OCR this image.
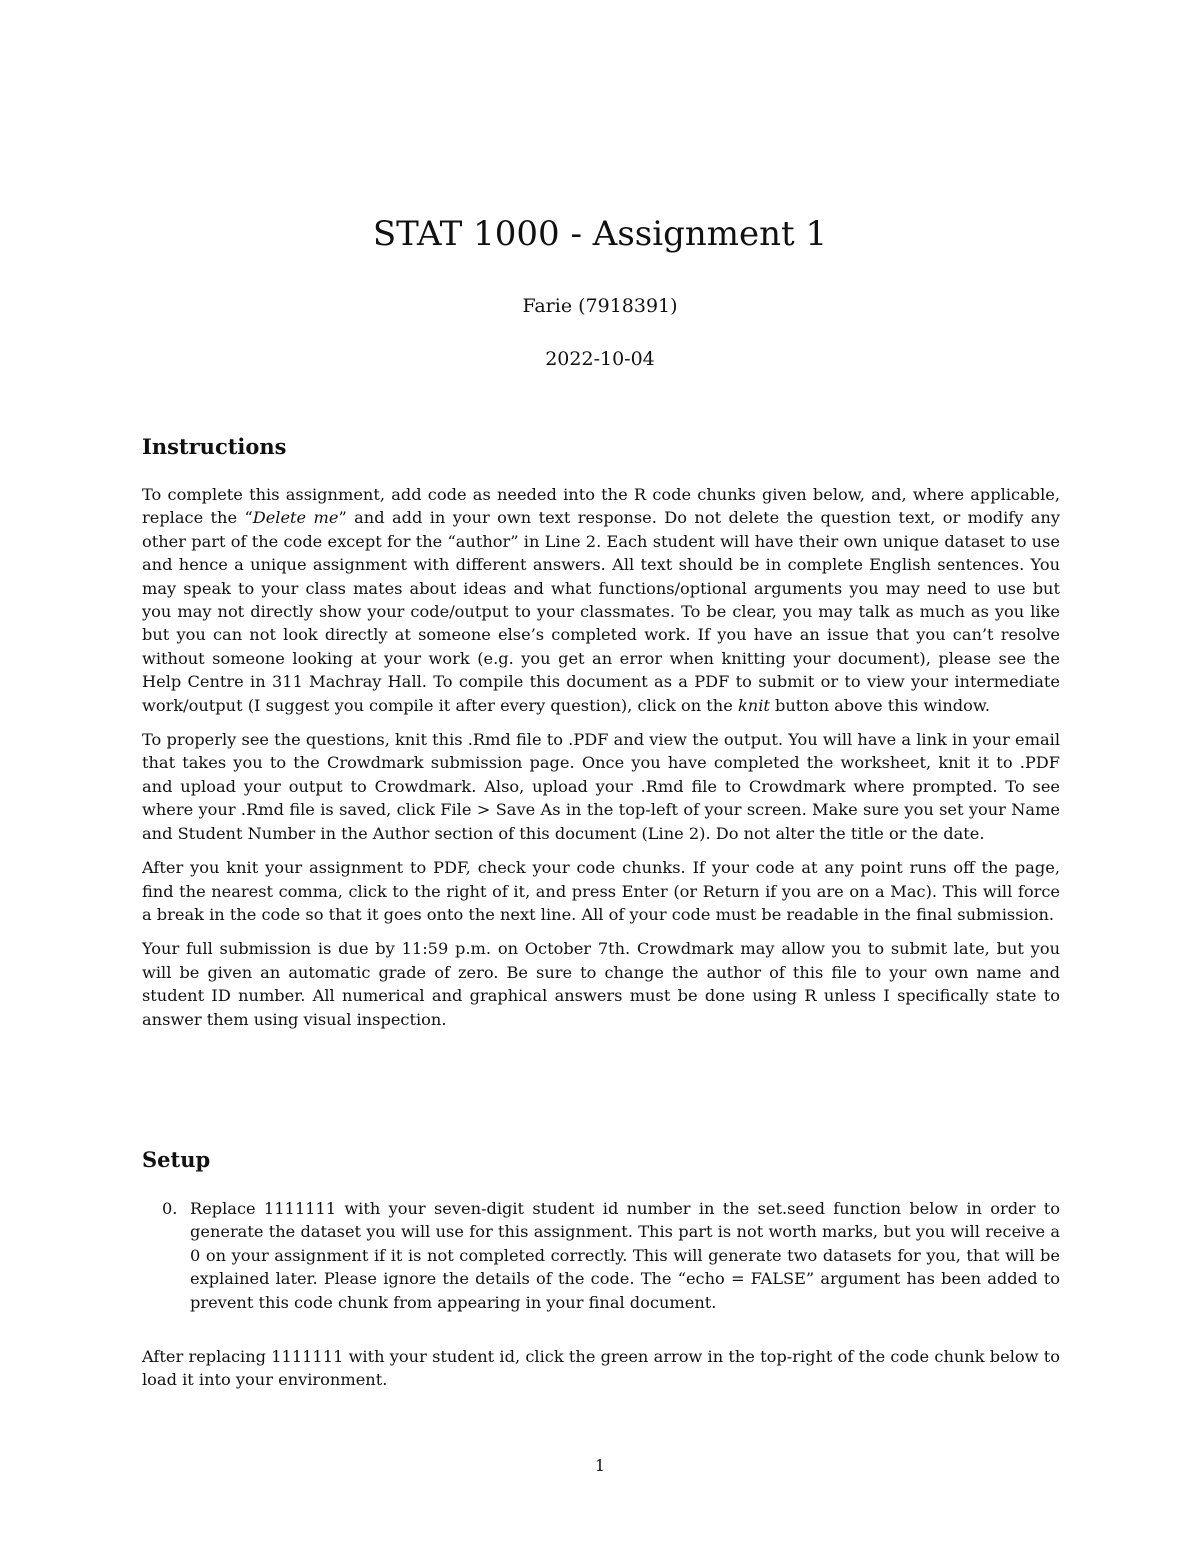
STAT 1000 - Assignment 1
Farie (7918391)
2022-10-04
Instructions

To complete this assignment, add code as needed into the R code chunks given below, and, where applicable, replace the “Delete me” and add in your own text response. Do not delete the question text, or modify any other part of the code except for the “author” in Line 2. Each student will have their own unique dataset to use and hence a unique assignment with different answers. All text should be in complete English sentences. You may speak to your class mates about ideas and what functions/optional arguments you may need to use but you may not directly show your code/output to your classmates. To be clear, you may talk as much as you like but you can not look directly at someone else’s completed work. If you have an issue that you can’t resolve without someone looking at your work (e.g. you get an error when knitting your document), please see the Help Centre in 311 Machray Hall. To compile this document as a PDF to submit or to view your intermediate work/output (I suggest you compile it after every question), click on the knit button above this window.

To properly see the questions, knit this .Rmd file to .PDF and view the output. You will have a link in your email that takes you to the Crowdmark submission page. Once you have completed the worksheet, knit it to .PDF and upload your output to Crowdmark. Also, upload your .Rmd file to Crowdmark where prompted. To see where your .Rmd file is saved, click File > Save As in the top-left of your screen. Make sure you set your Name and Student Number in the Author section of this document (Line 2). Do not alter the title or the date.

After you knit your assignment to PDF, check your code chunks. If your code at any point runs off the page, find the nearest comma, click to the right of it, and press Enter (or Return if you are on a Mac). This will force a break in the code so that it goes onto the next line. All of your code must be readable in the final submission.

Your full submission is due by 11:59 p.m. on October 7th. Crowdmark may allow you to submit late, but you will be given an automatic grade of zero. Be sure to change the author of this file to your own name and student ID number. All numerical and graphical answers must be done using R unless I specifically state to answer them using visual inspection.

Setup
0. Replace 1111111 with your seven-digit student id number in the set.seed function below in order to generate the dataset you will use for this assignment. This part is not worth marks, but you will receive a 0 on your assignment if it is not completed correctly. This will generate two datasets for you, that will be explained later. Please ignore the details of the code. The “echo = FALSE” argument has been added to prevent this code chunk from appearing in your final document.
After replacing 1111111 with your student id, click the green arrow in the top-right of the code chunk below to load it into your environment.
1
